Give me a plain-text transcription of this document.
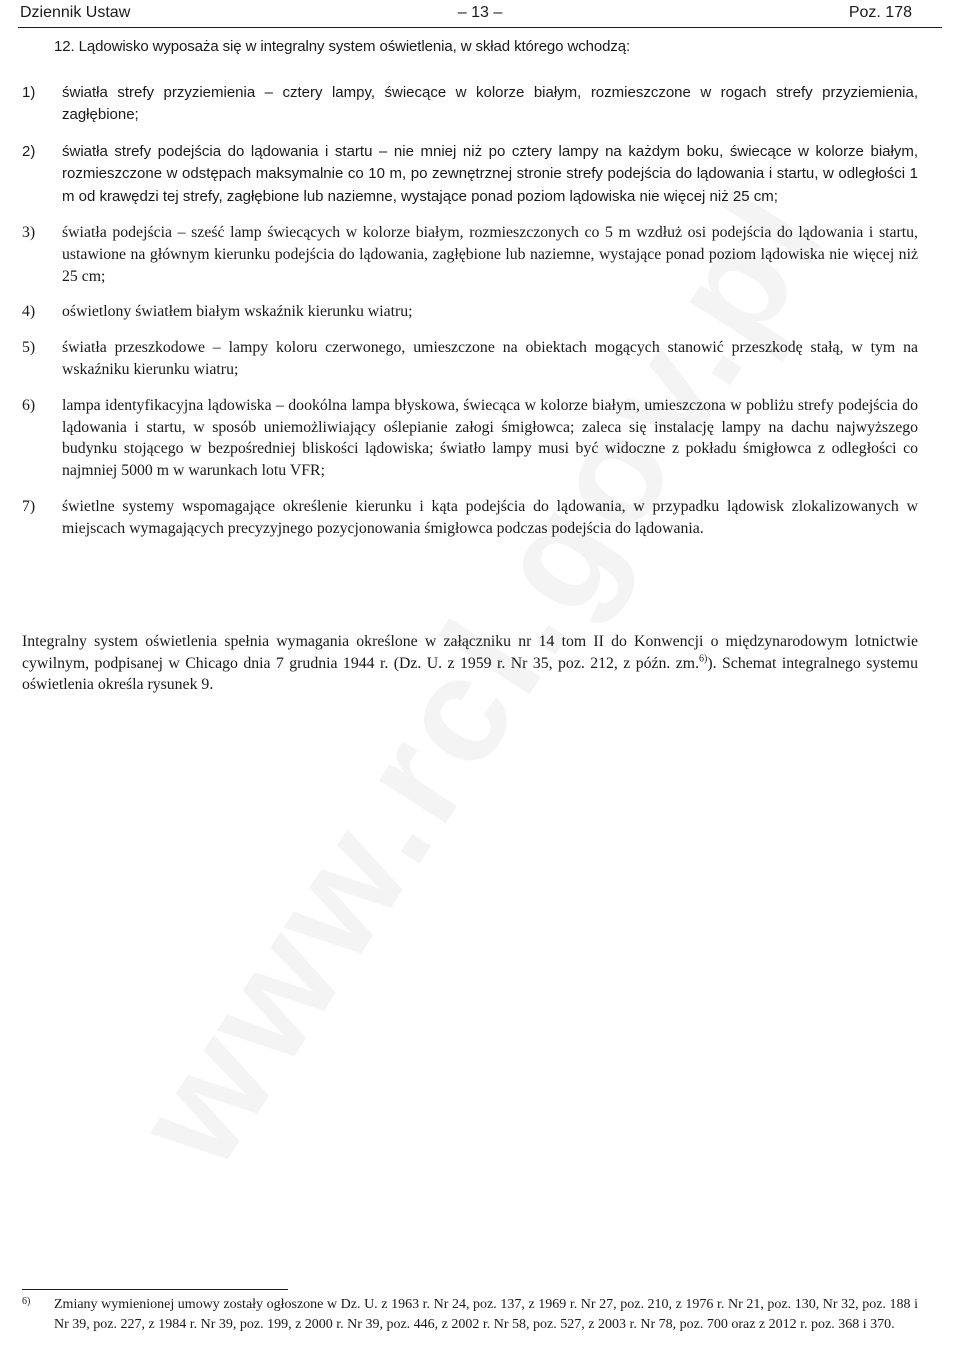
Dziennik Ustaw	– 13 –	Poz. 178
12. Lądowisko wyposaża się w integralny system oświetlenia, w skład którego wchodzą:
1) światła strefy przyziemienia – cztery lampy, świecące w kolorze białym, rozmieszczone w rogach strefy przyziemienia, zagłębione;
2) światła strefy podejścia do lądowania i startu – nie mniej niż po cztery lampy na każdym boku, świecące w kolorze białym, rozmieszczone w odstępach maksymalnie co 10 m, po zewnętrznej stronie strefy podejścia do lądowania i startu, w odległości 1 m od krawędzi tej strefy, zagłębione lub naziemne, wystające ponad poziom lądowiska nie więcej niż 25 cm;
3) światła podejścia – sześć lamp świecących w kolorze białym, rozmieszczonych co 5 m wzdłuż osi podejścia do lądowania i startu, ustawione na głównym kierunku podejścia do lądowania, zagłębione lub naziemne, wystające ponad poziom lądowiska nie więcej niż 25 cm;
4) oświetlony światłem białym wskaźnik kierunku wiatru;
5) światła przeszkodowe – lampy koloru czerwonego, umieszczone na obiektach mogących stanowić przeszkodę stałą, w tym na wskaźniku kierunku wiatru;
6) lampa identyfikacyjna lądowiska – dookólna lampa błyskowa, świecąca w kolorze białym, umieszczona w pobliżu strefy podejścia do lądowania i startu, w sposób uniemożliwiający oślepianie załogi śmigłowca; zaleca się instalację lampy na dachu najwyższego budynku stojącego w bezpośredniej bliskości lądowiska; światło lampy musi być widoczne z pokładu śmigłowca z odległości co najmniej 5000 m w warunkach lotu VFR;
7) świetlne systemy wspomagające określenie kierunku i kąta podejścia do lądowania, w przypadku lądowisk zlokalizowanych w miejscach wymagających precyzyjnego pozycjonowania śmigłowca podczas podejścia do lądowania.
Integralny system oświetlenia spełnia wymagania określone w załączniku nr 14 tom II do Konwencji o międzynarodowym lotnictwie cywilnym, podpisanej w Chicago dnia 7 grudnia 1944 r. (Dz. U. z 1959 r. Nr 35, poz. 212, z późn. zm.$^{6)}$). Schemat integralnego systemu oświetlenia określa rysunek 9.
6) Zmiany wymienionej umowy zostały ogłoszone w Dz. U. z 1963 r. Nr 24, poz. 137, z 1969 r. Nr 27, poz. 210, z 1976 r. Nr 21, poz. 130, Nr 32, poz. 188 i Nr 39, poz. 227, z 1984 r. Nr 39, poz. 199, z 2000 r. Nr 39, poz. 446, z 2002 r. Nr 58, poz. 527, z 2003 r. Nr 78, poz. 700 oraz z 2012 r. poz. 368 i 370.
